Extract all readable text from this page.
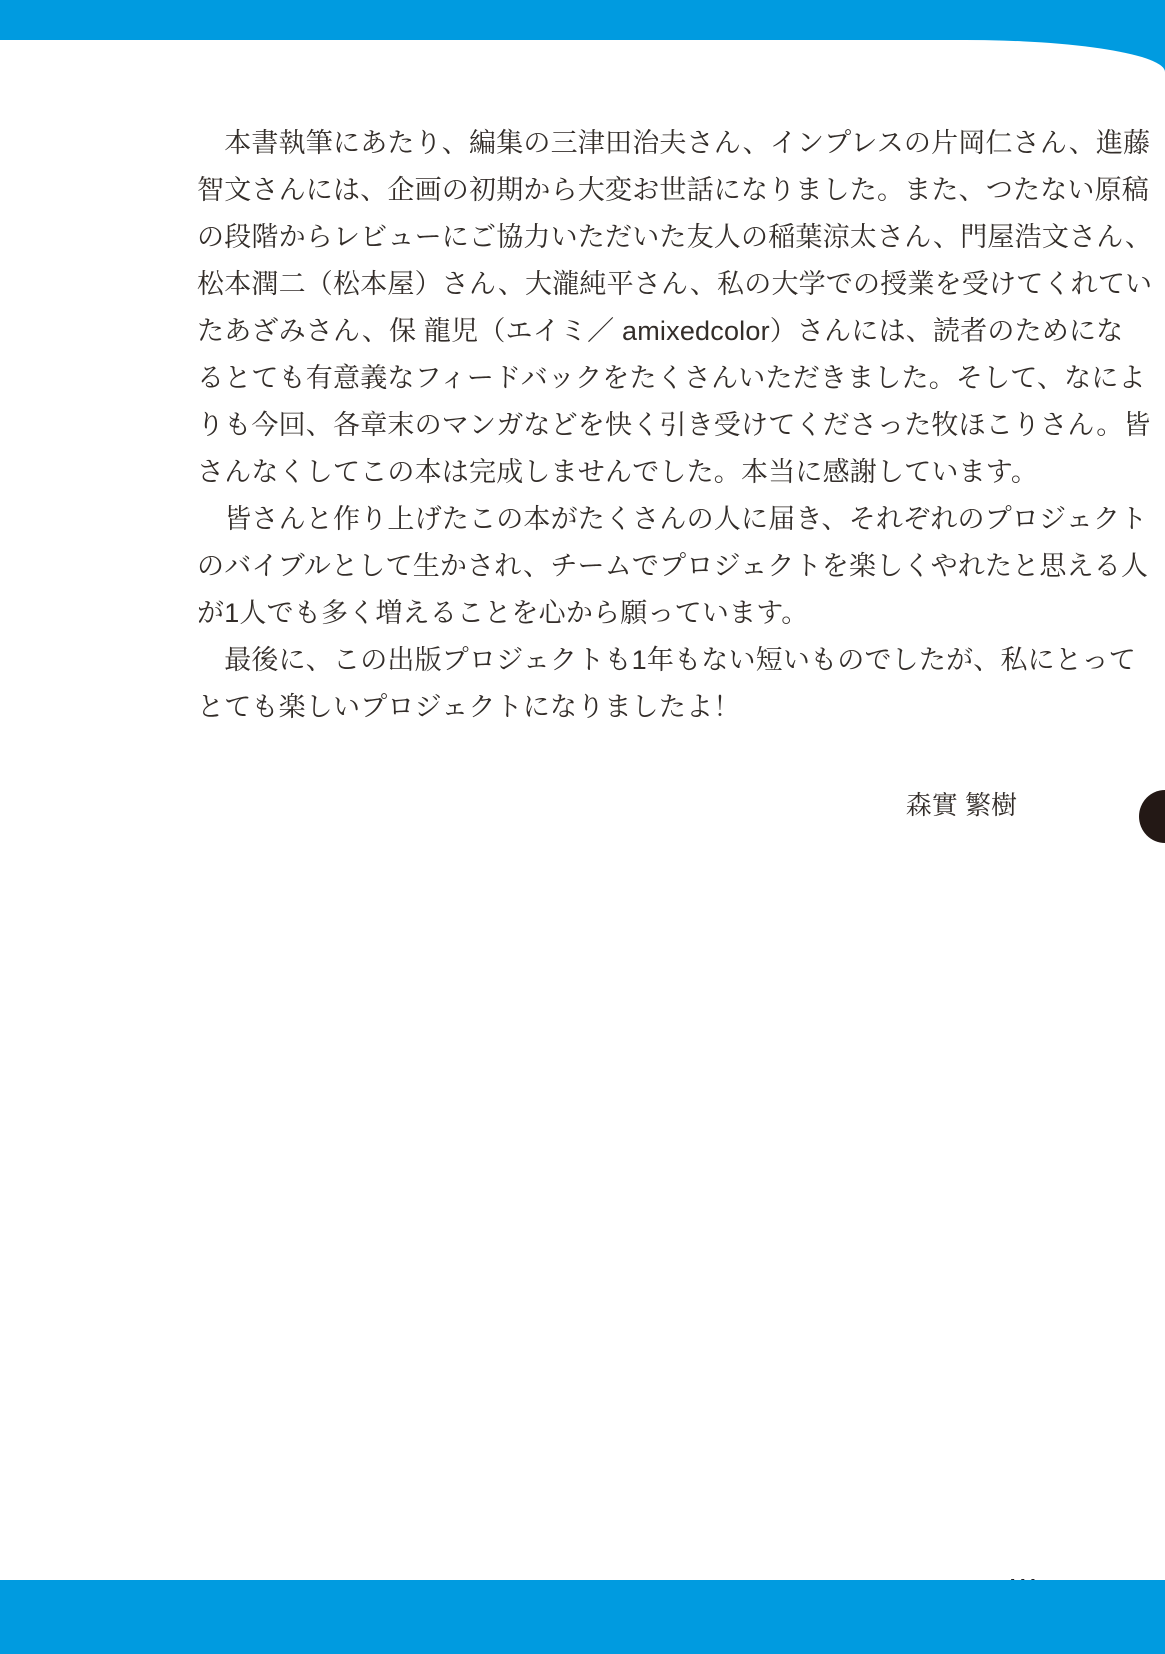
　本書執筆にあたり、編集の三津田治夫さん、インプレスの片岡仁さん、進藤
智文さんには、企画の初期から大変お世話になりました。また、つたない原稿
の段階からレビューにご協力いただいた友人の稲葉涼太さん、門屋浩文さん、
松本潤二（松本屋）さん、大瀧純平さん、私の大学での授業を受けてくれてい
たあざみさん、保 龍児（エイミ／ amixedcolor）さんには、読者のためにな
るとても有意義なフィードバックをたくさんいただきました。そして、なによ
りも今回、各章末のマンガなどを快く引き受けてくださった牧ほこりさん。皆
さんなくしてこの本は完成しませんでした。本当に感謝しています。
　皆さんと作り上げたこの本がたくさんの人に届き、それぞれのプロジェクト
のバイブルとして生かされ、チームでプロジェクトを楽しくやれたと思える人
が1人でも多く増えることを心から願っています。
　最後に、この出版プロジェクトも1年もない短いものでしたが、私にとって
とても楽しいプロジェクトになりましたよ！
森實 繁樹
